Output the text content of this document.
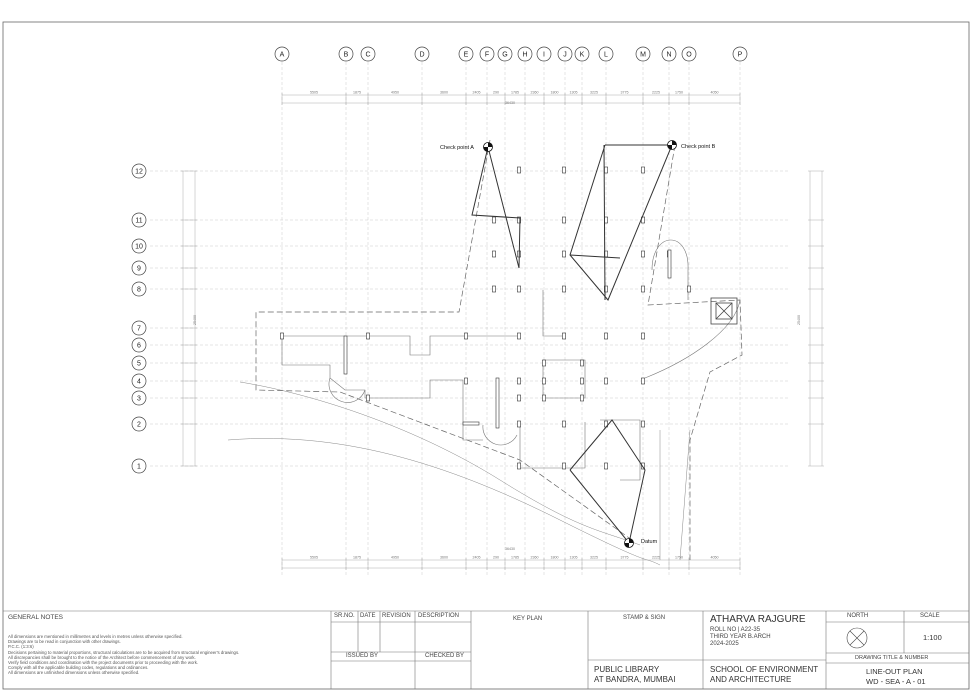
5505	1875	4950	3600	2405	290	1785	2360	1800	1305	3225	3775	2225	1750	4050
5505	1875	4950	3600	2405	290	1785	2360	1800	1305	3225	3775	2225	1750	4050
A	B C	D	E F G H I	J K	L	M	N O	P
12
11
10
9
8
7
6
5
4
3
2
1
Check point A	Check point B
Datum
36430
36430
25400	25400
GENERAL NOTES
All dimensions are mentioned in millimetres and levels in metres unless otherwise specified.
Drawings are to be read in conjunction with other drawings.
P.C.C. (1:3:6)
Decisions pertaining to material proportions, structural calculations are to be acquired from structural engineer's drawings.
All discrepancies shall be brought to the notice of the Architect before commencement of any work.
Verify field conditions and coordination with the project documents prior to proceeding with the work.
Comply with all the applicable building codes, regulations and ordinances.
All dimensions are unfinished dimensions unless otherwise specified.
SR.NO. DATE REVISION DESCRIPTION
ISSUED BY	CHECKED BY
KEY PLAN	STAMP & SIGN
PUBLIC LIBRARY
AT BANDRA, MUMBAI
ATHARVA RAJGURE
ROLL NO | A22-35
THIRD YEAR B.ARCH
2024-2025
SCHOOL OF ENVIRONMENT
AND ARCHITECTURE
NORTH	SCALE
1:100
DRAWING TITLE & NUMBER
LINE-OUT PLAN
WD - SEA - A - 01
